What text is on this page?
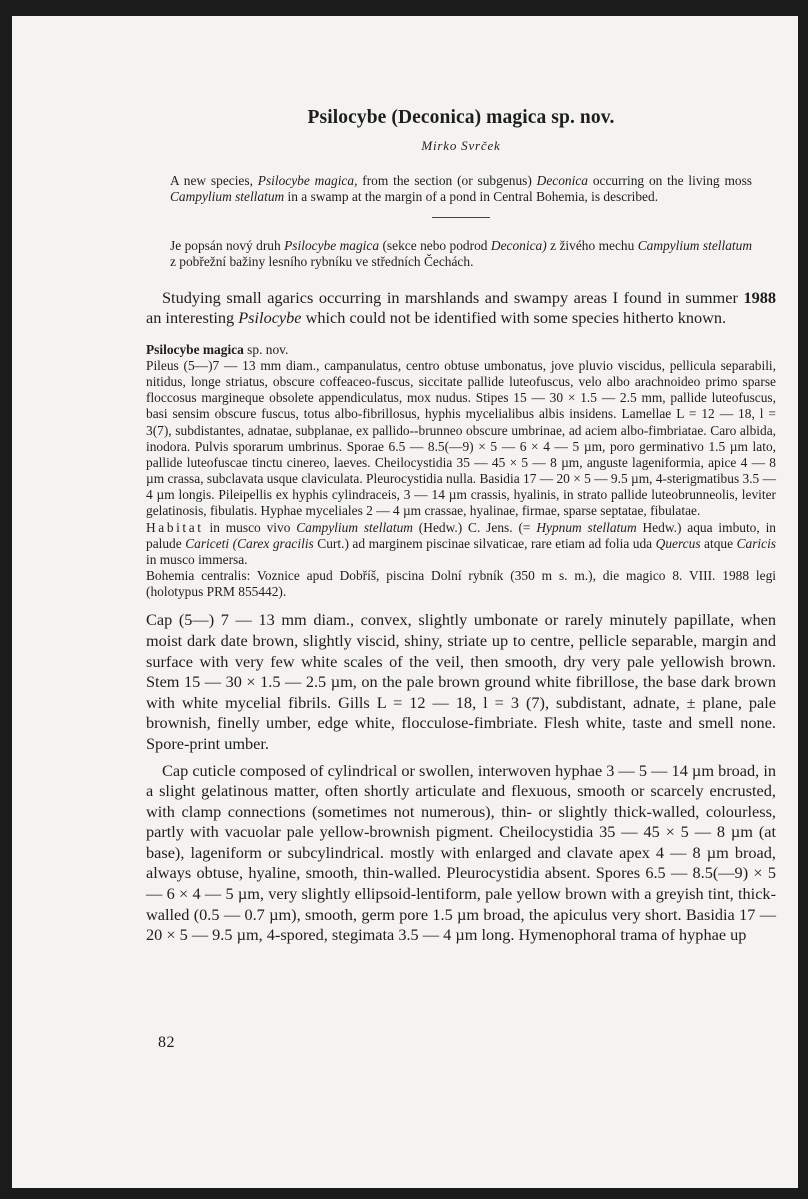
Psilocybe (Deconica) magica sp. nov.
Mirko Svrček
A new species, Psilocybe magica, from the section (or subgenus) Deconica occurring on the living moss Campylium stellatum in a swamp at the margin of a pond in Central Bohemia, is described.
Je popsán nový druh Psilocybe magica (sekce nebo podrod Deconica) z živého mechu Campylium stellatum z pobřežní bažiny lesního rybníku ve středních Čechách.
Studying small agarics occurring in marshlands and swampy areas I found in summer 1988 an interesting Psilocybe which could not be identified with some species hitherto known.
Psilocybe magica sp. nov.

Pileus (5—)7 — 13 mm diam., campanulatus, centro obtuse umbonatus, jove pluvio viscidus, pellicula separabili, nitidus, longe striatus, obscure coffeaceo-fuscus, siccitate pallide luteofuscus, velo albo arachnoideo primo sparse floccosus margineque obsolete appendiculatus, mox nudus. Stipes 15 — 30 × 1.5 — 2.5 mm, pallide luteofuscus, basi sensim obscure fuscus, totus albo-fibrillosus, hyphis mycelialibus albis insidens. Lamellae L = 12 — 18, l = 3(7), subdistantes, adnatae, subplanae, ex pallido--brunneo obscure umbrinae, ad aciem albo-fimbriatae. Caro albida, inodora. Pulvis sporarum umbrinus. Sporae 6.5 — 8.5(—9) × 5 — 6 × 4 — 5 µm, poro germinativo 1.5 µm lato, pallide luteofuscae tinctu cinereo, laeves. Cheilocystidia 35 — 45 × 5 — 8 µm, anguste lageniformia, apice 4 — 8 µm crassa, subclavata usque claviculata. Pleurocystidia nulla. Basidia 17 — 20 × 5 — 9.5 µm, 4-sterigmatibus 3.5 — 4 µm longis. Pileipellis ex hyphis cylindraceis, 3 — 14 µm crassis, hyalinis, in strato pallide luteobrunneolis, leviter gelatinosis, fibulatis. Hyphae myceliales 2 — 4 µm crassae, hyalinae, firmae, sparse septatae, fibulatae.

Habitat in musco vivo Campylium stellatum (Hedw.) C. Jens. (= Hypnum stellatum Hedw.) aqua imbuto, in palude Cariceti (Carex gracilis Curt.) ad marginem piscinae silvaticae, rare etiam ad folia uda Quercus atque Caricis in musco immersa.

Bohemia centralis: Voznice apud Dobříš, piscina Dolní rybník (350 m s. m.), die magico 8. VIII. 1988 legi (holotypus PRM 855442).

Cap (5—) 7 — 13 mm diam., convex, slightly umbonate or rarely minutely papillate, when moist dark date brown, slightly viscid, shiny, striate up to centre, pellicle separable, margin and surface with very few white scales of the veil, then smooth, dry very pale yellowish brown. Stem 15 — 30 × 1.5 — 2.5 µm, on the pale brown ground white fibrillose, the base dark brown with white mycelial fibrils. Gills L = 12 — 18, l = 3 (7), subdistant, adnate, ± plane, pale brownish, finelly umber, edge white, flocculose-fimbriate. Flesh white, taste and smell none. Spore-print umber.

Cap cuticle composed of cylindrical or swollen, interwoven hyphae 3 — 5 — 14 µm broad, in a slight gelatinous matter, often shortly articulate and flexuous, smooth or scarcely encrusted, with clamp connections (sometimes not numerous), thin- or slightly thick-walled, colourless, partly with vacuolar pale yellow-brownish pigment. Cheilocystidia 35 — 45 × 5 — 8 µm (at base), lageniform or subcylindrical. mostly with enlarged and clavate apex 4 — 8 µm broad, always obtuse, hyaline, smooth, thin-walled. Pleurocystidia absent. Spores 6.5 — 8.5(—9) × 5 — 6 × 4 — 5 µm, very slightly ellipsoid-lentiform, pale yellow brown with a greyish tint, thick-walled (0.5 — 0.7 µm), smooth, germ pore 1.5 µm broad, the apiculus very short. Basidia 17 — 20 × 5 — 9.5 µm, 4-spored, stegimata 3.5 — 4 µm long. Hymenophoral trama of hyphae up

82
